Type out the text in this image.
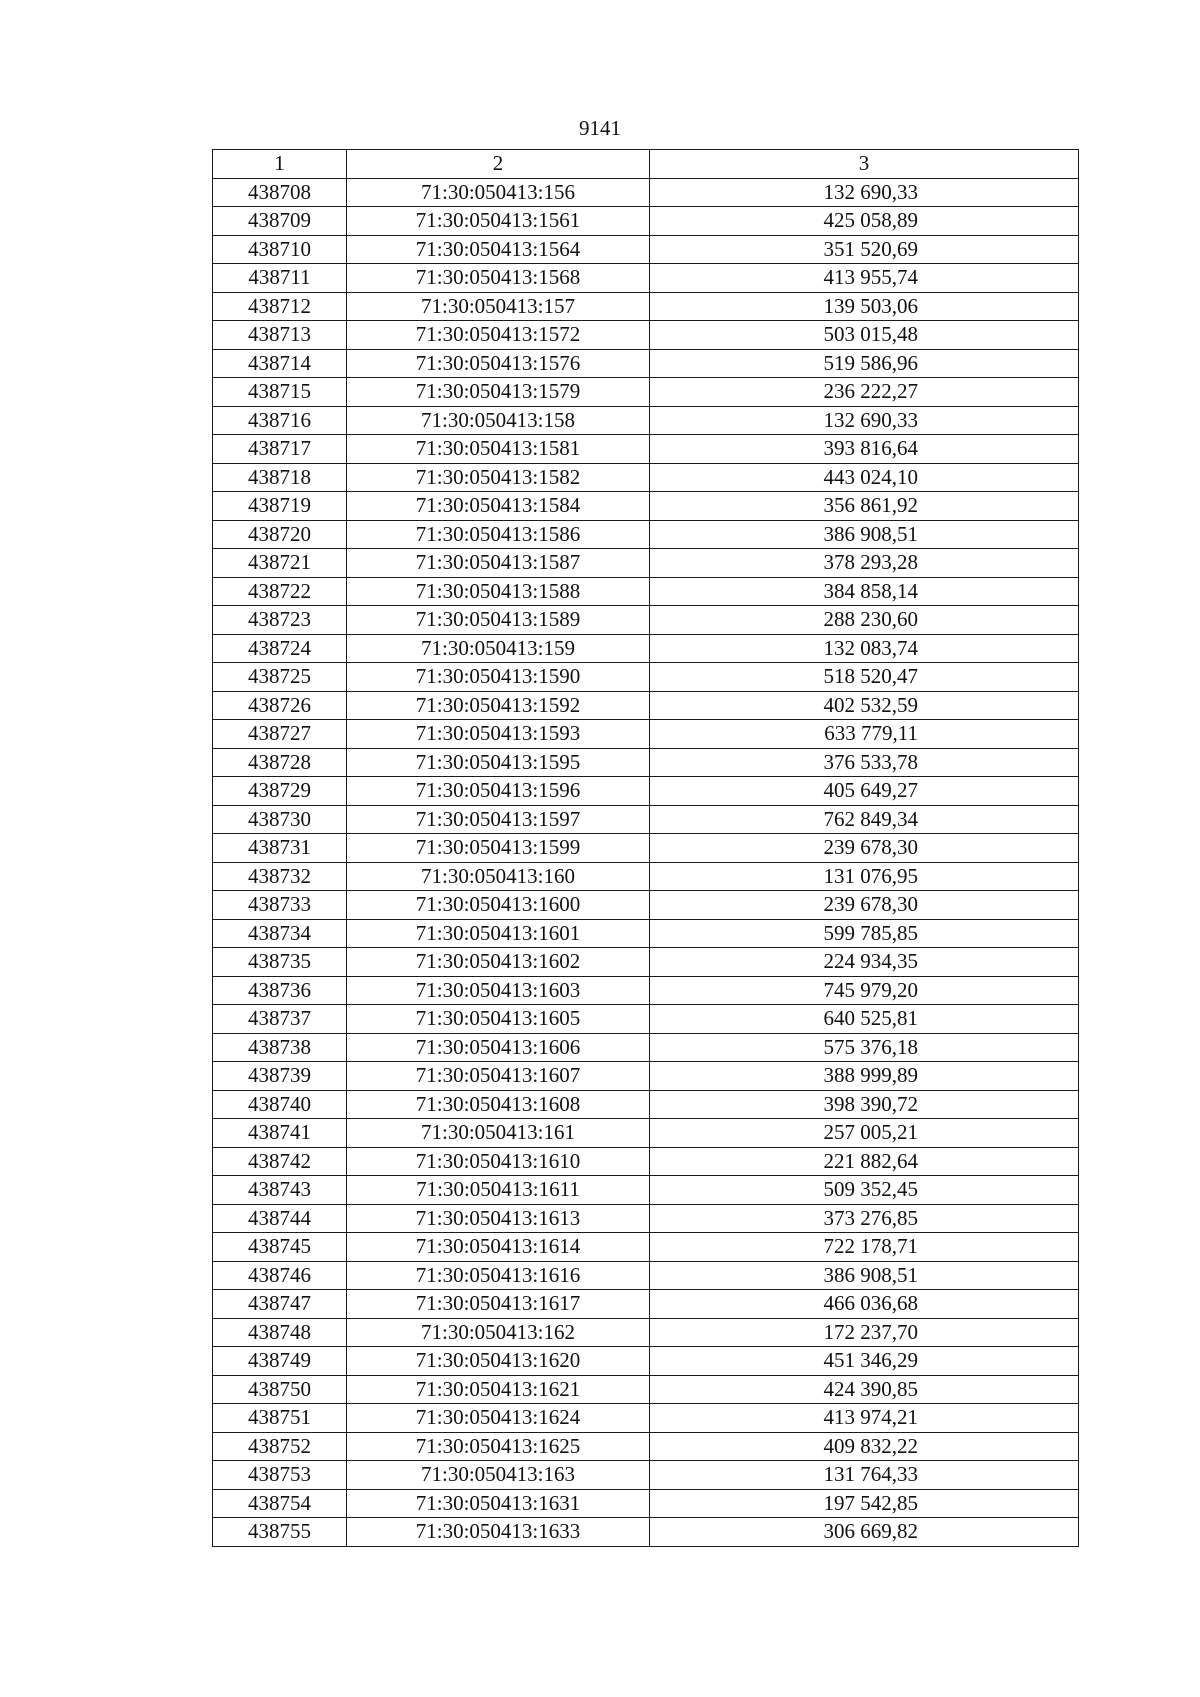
9141
1	2	3
438708	71:30:050413:156	132 690,33
438709	71:30:050413:1561	425 058,89
438710	71:30:050413:1564	351 520,69
438711	71:30:050413:1568	413 955,74
438712	71:30:050413:157	139 503,06
438713	71:30:050413:1572	503 015,48
438714	71:30:050413:1576	519 586,96
438715	71:30:050413:1579	236 222,27
438716	71:30:050413:158	132 690,33
438717	71:30:050413:1581	393 816,64
438718	71:30:050413:1582	443 024,10
438719	71:30:050413:1584	356 861,92
438720	71:30:050413:1586	386 908,51
438721	71:30:050413:1587	378 293,28
438722	71:30:050413:1588	384 858,14
438723	71:30:050413:1589	288 230,60
438724	71:30:050413:159	132 083,74
438725	71:30:050413:1590	518 520,47
438726	71:30:050413:1592	402 532,59
438727	71:30:050413:1593	633 779,11
438728	71:30:050413:1595	376 533,78
438729	71:30:050413:1596	405 649,27
438730	71:30:050413:1597	762 849,34
438731	71:30:050413:1599	239 678,30
438732	71:30:050413:160	131 076,95
438733	71:30:050413:1600	239 678,30
438734	71:30:050413:1601	599 785,85
438735	71:30:050413:1602	224 934,35
438736	71:30:050413:1603	745 979,20
438737	71:30:050413:1605	640 525,81
438738	71:30:050413:1606	575 376,18
438739	71:30:050413:1607	388 999,89
438740	71:30:050413:1608	398 390,72
438741	71:30:050413:161	257 005,21
438742	71:30:050413:1610	221 882,64
438743	71:30:050413:1611	509 352,45
438744	71:30:050413:1613	373 276,85
438745	71:30:050413:1614	722 178,71
438746	71:30:050413:1616	386 908,51
438747	71:30:050413:1617	466 036,68
438748	71:30:050413:162	172 237,70
438749	71:30:050413:1620	451 346,29
438750	71:30:050413:1621	424 390,85
438751	71:30:050413:1624	413 974,21
438752	71:30:050413:1625	409 832,22
438753	71:30:050413:163	131 764,33
438754	71:30:050413:1631	197 542,85
438755	71:30:050413:1633	306 669,82
